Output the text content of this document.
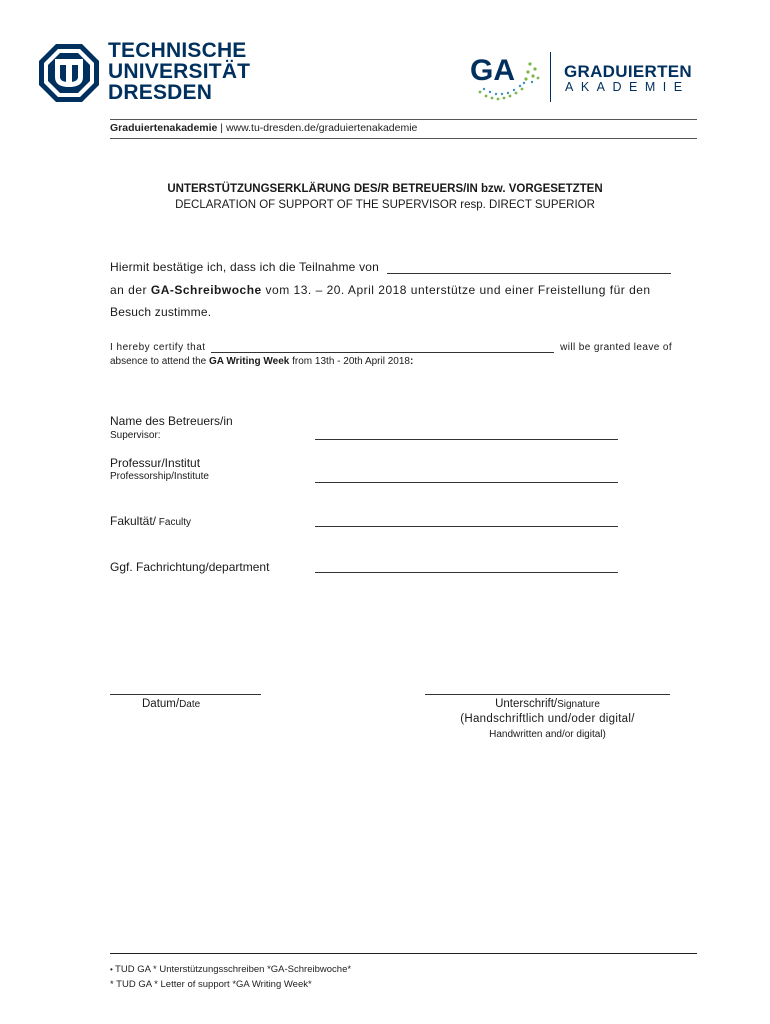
TECHNISCHE
UNIVERSITÄT
DRESDEN
GA	GRADUIERTEN
AKADEMIE
Graduiertenakademie | www.tu-dresden.de/graduiertenakademie
UNTERSTÜTZUNGSERKLÄRUNG DES/R BETREUERS/IN bzw. VORGESETZTEN
DECLARATION OF SUPPORT OF THE SUPERVISOR resp. DIRECT SUPERIOR
Hiermit bestätige ich, dass ich die Teilnahme von
an der GA-Schreibwoche vom 13. – 20. April 2018 unterstütze und einer Freistellung für den
Besuch zustimme.
I hereby certify that	will be granted leave of
absence to attend the GA Writing Week from 13th - 20th April 2018:
Name des Betreuers/in
Supervisor:
Professur/Institut
Professorship/Institute
Fakultät/ Faculty
Ggf. Fachrichtung/department
Datum/Date	Unterschrift/Signature
(Handschriftlich und/oder digital/
Handwritten and/or digital)
• TUD GA * Unterstützungsschreiben *GA-Schreibwoche*
* TUD GA * Letter of support *GA Writing Week*
